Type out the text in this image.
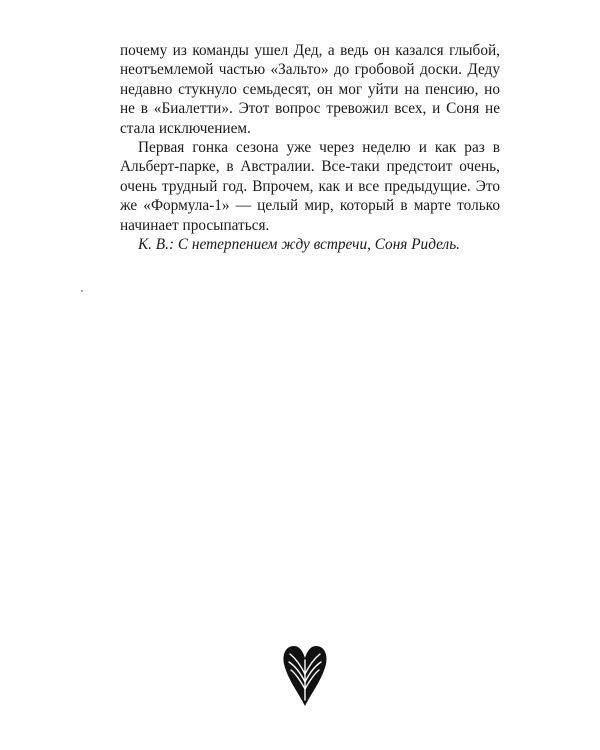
почему из команды ушел Дед, а ведь он казался глыбой, неотъемлемой частью «Зальто» до гробовой доски. Деду недавно стукнуло семьдесят, он мог уйти на пенсию, но не в «Биалетти». Этот вопрос тревожил всех, и Соня не стала исключением.

Первая гонка сезона уже через неделю и как раз в Альберт-парке, в Австралии. Все-таки предстоит очень, очень трудный год. Впрочем, как и все предыдущие. Это же «Формула-1» — целый мир, который в марте только начинает просыпаться.

К. В.: С нетерпением жду встречи, Соня Ридель.
